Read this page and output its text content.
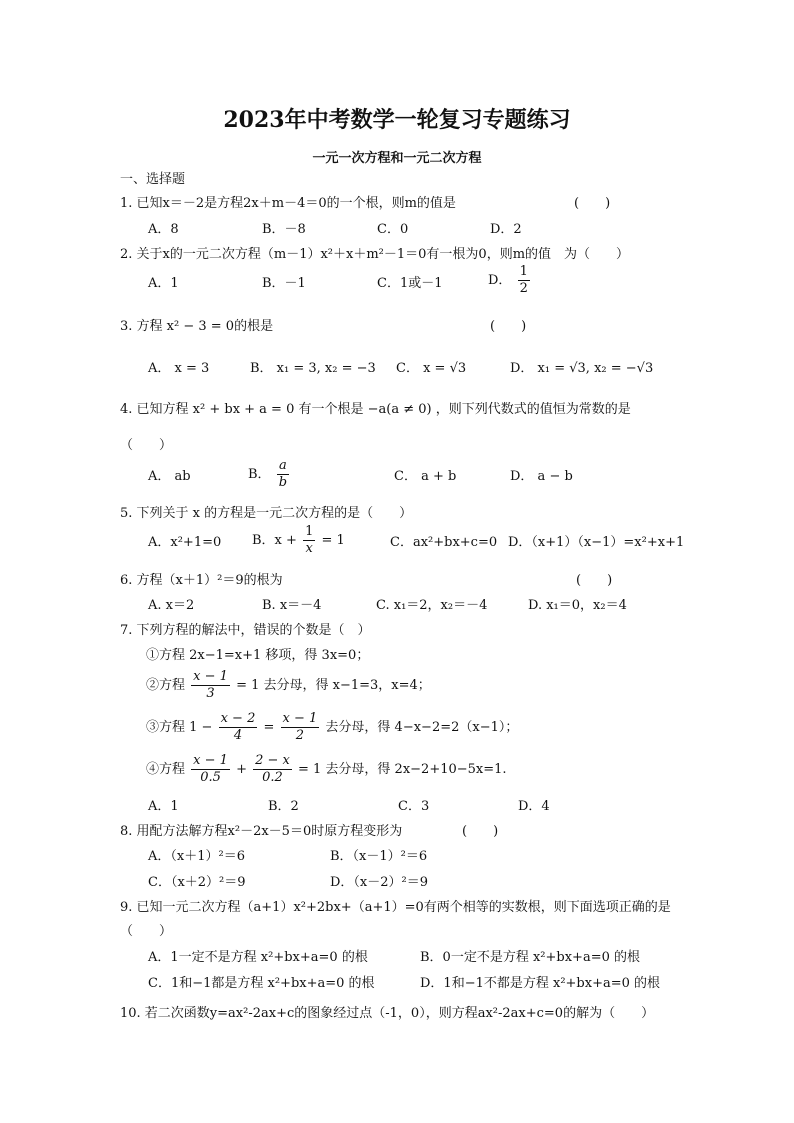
2023年中考数学一轮复习专题练习
一元一次方程和一元二次方程
一、选择题
1. 已知x＝－2是方程2x＋m－4＝0的一个根，则m的值是	(　　)
A．8	B．－8	C．0	D．2
2. 关于x的一元二次方程（m－1）x²＋x＋m²－1＝0有一根为0，则m的值　为（　　）
A．1	B．－1	C．1或－1	D． $\frac{1}{2}$
3. 方程 x² − 3 = 0的根是	(　　)
A． x = 3	B． x₁ = 3, x₂ = −3 C． x = √3	D． x₁ = √3, x₂ = −√3
4. 已知方程 x² + bx + a = 0 有一个根是 −a(a ≠ 0) ，则下列代数式的值恒为常数的是
（　　）
A． ab	B． $\frac{a}{b}$	C． a + b	D． a − b
5. 下列关于 x 的方程是一元二次方程的是（　　）
A．x²+1=0 B．$x + \frac{1}{x} = 1$	C．ax²+bx+c=0 D．（x+1）（x−1）=x²+x+1
6. 方程（x＋1）²＝9的根为	(　　)
A. x＝2	B. x＝－4	C. x₁＝2，x₂＝－4	D. x₁＝0，x₂＝4
7. 下列方程的解法中，错误的个数是（　）
①方程 2x−1=x+1 移项，得 3x=0；
②方程 $\frac{x - 1}{3} = 1$ 去分母，得 x−1=3，x=4；
③方程 $1 - \frac{x - 2}{4} = \frac{x - 1}{2}$ 去分母，得 4−x−2=2（x−1）；
④方程 $\frac{x - 1}{0.5} + \frac{2 - x}{0.2} = 1$ 去分母，得 2x−2+10−5x=1.
A．1	B．2	C．3	D．4
8. 用配方法解方程x²－2x－5＝0时原方程变形为	(　　)
A．（x＋1）²＝6	B．（x－1）²＝6
C．（x＋2）²＝9	D．（x－2）²＝9
9. 已知一元二次方程（a+1）x²+2bx+（a+1）=0有两个相等的实数根，则下面选项正确的是
（　　）
A．1一定不是方程 x²+bx+a=0 的根	B．0一定不是方程 x²+bx+a=0 的根
C．1和−1都是方程 x²+bx+a=0 的根	D．1和−1不都是方程 x²+bx+a=0 的根
10. 若二次函数y=ax²-2ax+c的图象经过点（-1，0），则方程ax²-2ax+c=0的解为（　　）
